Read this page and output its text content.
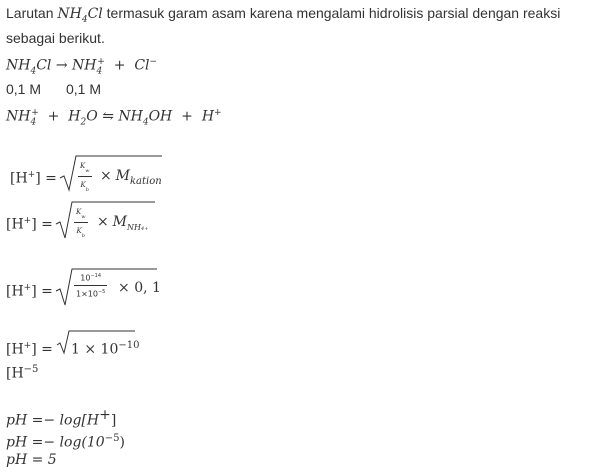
Larutan $NH_4Cl$ termasuk garam asam karena mengalami hidrolisis parsial dengan reaksi
sebagai berikut.
$NH_4Cl \to NH_4^+ + Cl^-$
0,1 M 0,1 M
$NH_4^+ + H_2O$ ⇋ $NH_4OH + H^+$
[H+] =	$\frac{K_w}{K_b} \times M_{kation}$
[H+] =	$\frac{K_w}{K_b} \times M_{NH4+}$
[H+] =	$\frac{10^{-14}}{1\times 10^{-5}} \times 0$, 1
$[H^+] = 1 \times 10^{-10}$
[$H^{-5}$
pH =− log[H+]
pH =− $\log(10^{-5})$
pH = 5
